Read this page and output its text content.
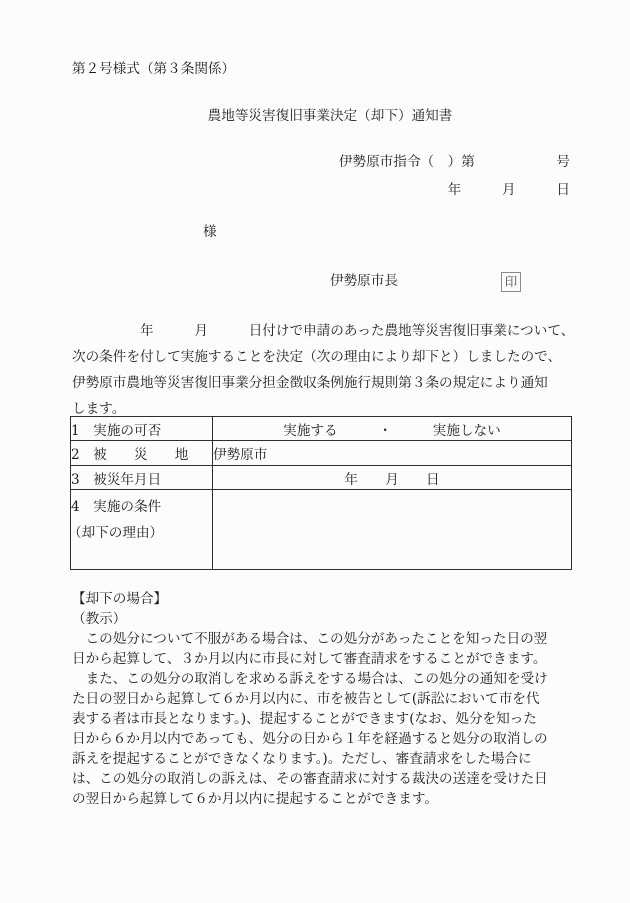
第２号様式（第３条関係）
農地等災害復旧事業決定（却下）通知書
伊勢原市指令（　）第　　　　　　号
年　　　月　　　日
様
伊勢原市長	印
　　　　　年　　　月　　　日付けで申請のあった農地等災害復旧事業について、
次の条件を付して実施することを決定（次の理由により却下と）しましたので、
伊勢原市農地等災害復旧事業分担金徴収条例施行規則第３条の規定により通知
します。
1　実施の可否	実施する　　　・　　　実施しない
2　被　　災　　地	伊勢原市
3　被災年月日	年　　月　　日

4　実施の条件
（却下の理由）	

【却下の場合】
（教示）
　この処分について不服がある場合は、この処分があったことを知った日の翌
日から起算して、３か月以内に市長に対して審査請求をすることができます。
　また、この処分の取消しを求める訴えをする場合は、この処分の通知を受け
た日の翌日から起算して６か月以内に、市を被告として(訴訟において市を代
表する者は市長となります。)、提起することができます(なお、処分を知った
日から６か月以内であっても、処分の日から１年を経過すると処分の取消しの
訴えを提起することができなくなります。)。ただし、審査請求をした場合に
は、この処分の取消しの訴えは、その審査請求に対する裁決の送達を受けた日
の翌日から起算して６か月以内に提起することができます。
